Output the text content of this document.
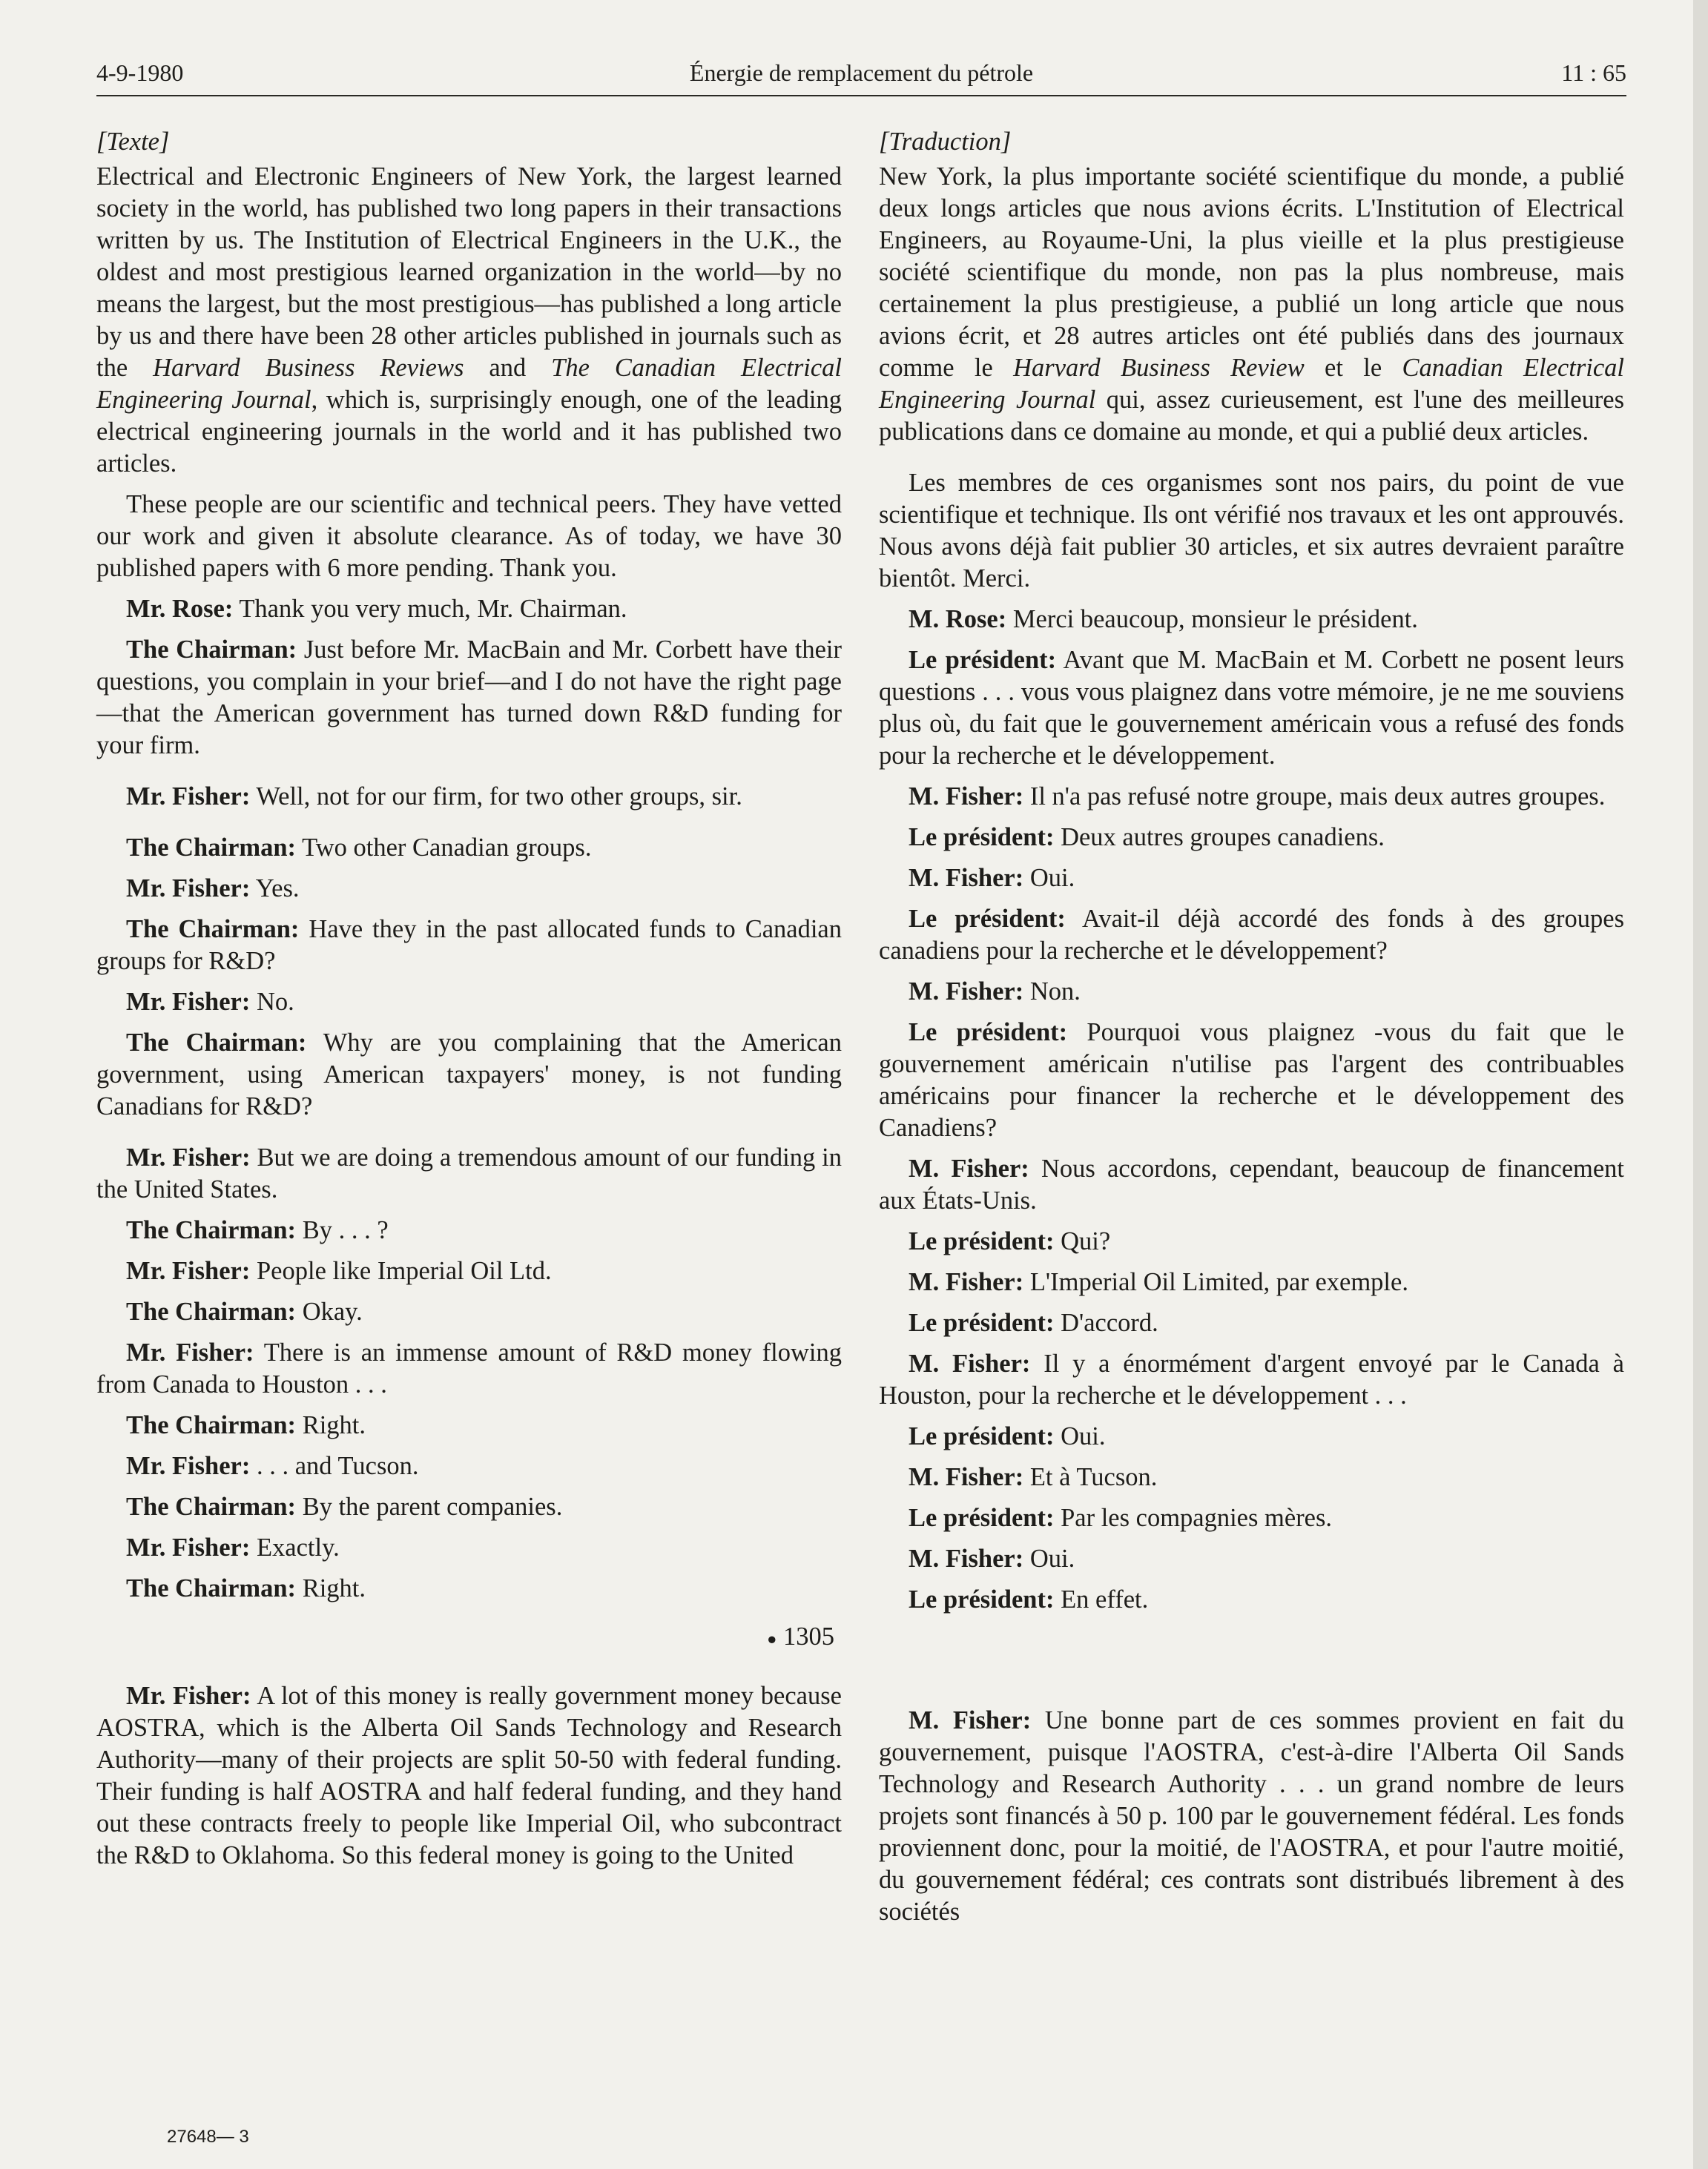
4-9-1980	Énergie de remplacement du pétrole	11 : 65
[Texte]

Electrical and Electronic Engineers of New York, the largest learned society in the world, has published two long papers in their transactions written by us. The Institution of Electrical Engineers in the U.K., the oldest and most prestigious learned organization in the world—by no means the largest, but the most prestigious—has published a long article by us and there have been 28 other articles published in journals such as the Harvard Business Reviews and The Canadian Electrical Engineering Journal, which is, surprisingly enough, one of the leading electrical engineering journals in the world and it has published two articles.

These people are our scientific and technical peers. They have vetted our work and given it absolute clearance. As of today, we have 30 published papers with 6 more pending. Thank you.

Mr. Rose: Thank you very much, Mr. Chairman.

The Chairman: Just before Mr. MacBain and Mr. Corbett have their questions, you complain in your brief—and I do not have the right page—that the American government has turned down R&D funding for your firm.

Mr. Fisher: Well, not for our firm, for two other groups, sir.

The Chairman: Two other Canadian groups.

Mr. Fisher: Yes.

The Chairman: Have they in the past allocated funds to Canadian groups for R&D?

Mr. Fisher: No.

The Chairman: Why are you complaining that the American government, using American taxpayers' money, is not funding Canadians for R&D?

Mr. Fisher: But we are doing a tremendous amount of our funding in the United States.

The Chairman: By . . . ?

Mr. Fisher: People like Imperial Oil Ltd.

The Chairman: Okay.

Mr. Fisher: There is an immense amount of R&D money flowing from Canada to Houston . . .

The Chairman: Right.

Mr. Fisher: . . . and Tucson.

The Chairman: By the parent companies.

Mr. Fisher: Exactly.

The Chairman: Right.

● 1305

Mr. Fisher: A lot of this money is really government money because AOSTRA, which is the Alberta Oil Sands Technology and Research Authority—many of their projects are split 50-50 with federal funding. Their funding is half AOSTRA and half federal funding, and they hand out these contracts freely to people like Imperial Oil, who subcontract the R&D to Oklahoma. So this federal money is going to the United

[Traduction]

New York, la plus importante société scientifique du monde, a publié deux longs articles que nous avions écrits. L'Institution of Electrical Engineers, au Royaume-Uni, la plus vieille et la plus prestigieuse société scientifique du monde, non pas la plus nombreuse, mais certainement la plus prestigieuse, a publié un long article que nous avions écrit, et 28 autres articles ont été publiés dans des journaux comme le Harvard Business Review et le Canadian Electrical Engineering Journal qui, assez curieusement, est l'une des meilleures publications dans ce domaine au monde, et qui a publié deux articles.

Les membres de ces organismes sont nos pairs, du point de vue scientifique et technique. Ils ont vérifié nos travaux et les ont approuvés. Nous avons déjà fait publier 30 articles, et six autres devraient paraître bientôt. Merci.

M. Rose: Merci beaucoup, monsieur le président.

Le président: Avant que M. MacBain et M. Corbett ne posent leurs questions . . . vous vous plaignez dans votre mémoire, je ne me souviens plus où, du fait que le gouvernement américain vous a refusé des fonds pour la recherche et le développement.

M. Fisher: Il n'a pas refusé notre groupe, mais deux autres groupes.

Le président: Deux autres groupes canadiens.

M. Fisher: Oui.

Le président: Avait-il déjà accordé des fonds à des groupes canadiens pour la recherche et le développement?

M. Fisher: Non.

Le président: Pourquoi vous plaignez -vous du fait que le gouvernement américain n'utilise pas l'argent des contribuables américains pour financer la recherche et le développement des Canadiens?

M. Fisher: Nous accordons, cependant, beaucoup de financement aux États-Unis.

Le président: Qui?

M. Fisher: L'Imperial Oil Limited, par exemple.

Le président: D'accord.

M. Fisher: Il y a énormément d'argent envoyé par le Canada à Houston, pour la recherche et le développement . . .

Le président: Oui.

M. Fisher: Et à Tucson.

Le président: Par les compagnies mères.

M. Fisher: Oui.

Le président: En effet.

M. Fisher: Une bonne part de ces sommes provient en fait du gouvernement, puisque l'AOSTRA, c'est-à-dire l'Alberta Oil Sands Technology and Research Authority . . . un grand nombre de leurs projets sont financés à 50 p. 100 par le gouvernement fédéral. Les fonds proviennent donc, pour la moitié, de l'AOSTRA, et pour l'autre moitié, du gouvernement fédéral; ces contrats sont distribués librement à des sociétés

27648— 3
